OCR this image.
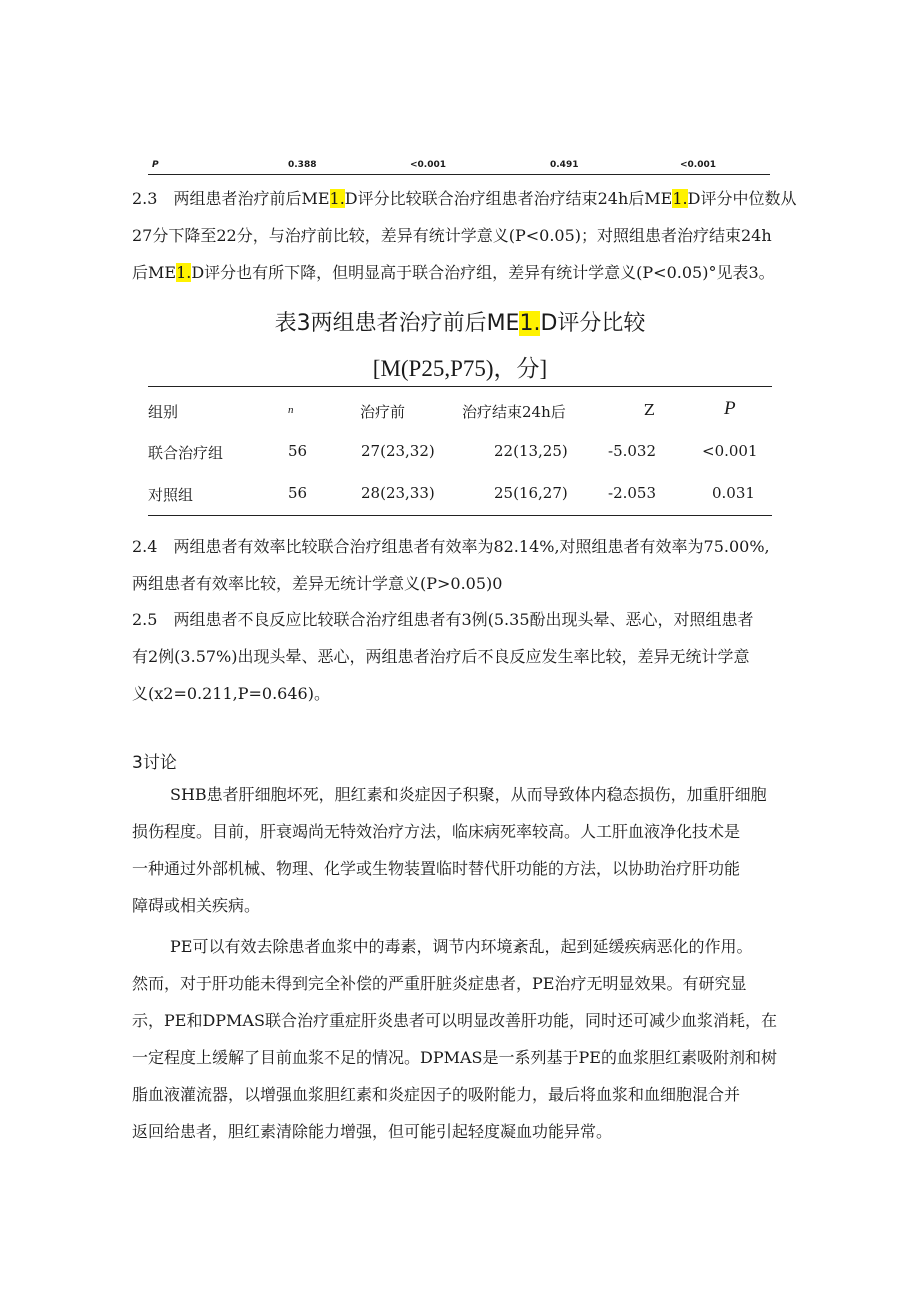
P	0.388	<0.001	0.491	<0.001
2.3　两组患者治疗前后ME1.D评分比较联合治疗组患者治疗结束24h后ME1.D评分中位数从
27分下降至22分，与治疗前比较，差异有统计学意义(P<0.05)；对照组患者治疗结束24h
后ME1.D评分也有所下降，但明显高于联合治疗组，差异有统计学意义(P<0.05)°见表3。
表3两组患者治疗前后ME1.D评分比较
[M(P25,P75)，分]
组别	n	治疗前	治疗结束24h后	Z	P
联合治疗组	56	27(23,32)	22(13,25)	-5.032	<0.001
对照组	56	28(23,33)	25(16,27)	-2.053	0.031
2.4　两组患者有效率比较联合治疗组患者有效率为82.14%,对照组患者有效率为75.00%,
两组患者有效率比较，差异无统计学意义(P>0.05)0
2.5　两组患者不良反应比较联合治疗组患者有3例(5.35酚出现头晕、恶心，对照组患者
有2例(3.57%)出现头晕、恶心，两组患者治疗后不良反应发生率比较，差异无统计学意
义(x2=0.211,P=0.646)。
3讨论
SHB患者肝细胞坏死，胆红素和炎症因子积聚，从而导致体内稳态损伤，加重肝细胞
损伤程度。目前，肝衰竭尚无特效治疗方法，临床病死率较高。人工肝血液净化技术是
一种通过外部机械、物理、化学或生物装置临时替代肝功能的方法，以协助治疗肝功能
障碍或相关疾病。
PE可以有效去除患者血浆中的毒素，调节内环境紊乱，起到延缓疾病恶化的作用。
然而，对于肝功能未得到完全补偿的严重肝脏炎症患者，PE治疗无明显效果。有研究显
示，PE和DPMAS联合治疗重症肝炎患者可以明显改善肝功能，同时还可减少血浆消耗，在
一定程度上缓解了目前血浆不足的情况。DPMAS是一系列基于PE的血浆胆红素吸附剂和树
脂血液灌流器，以增强血浆胆红素和炎症因子的吸附能力，最后将血浆和血细胞混合并
返回给患者，胆红素清除能力增强，但可能引起轻度凝血功能异常。
